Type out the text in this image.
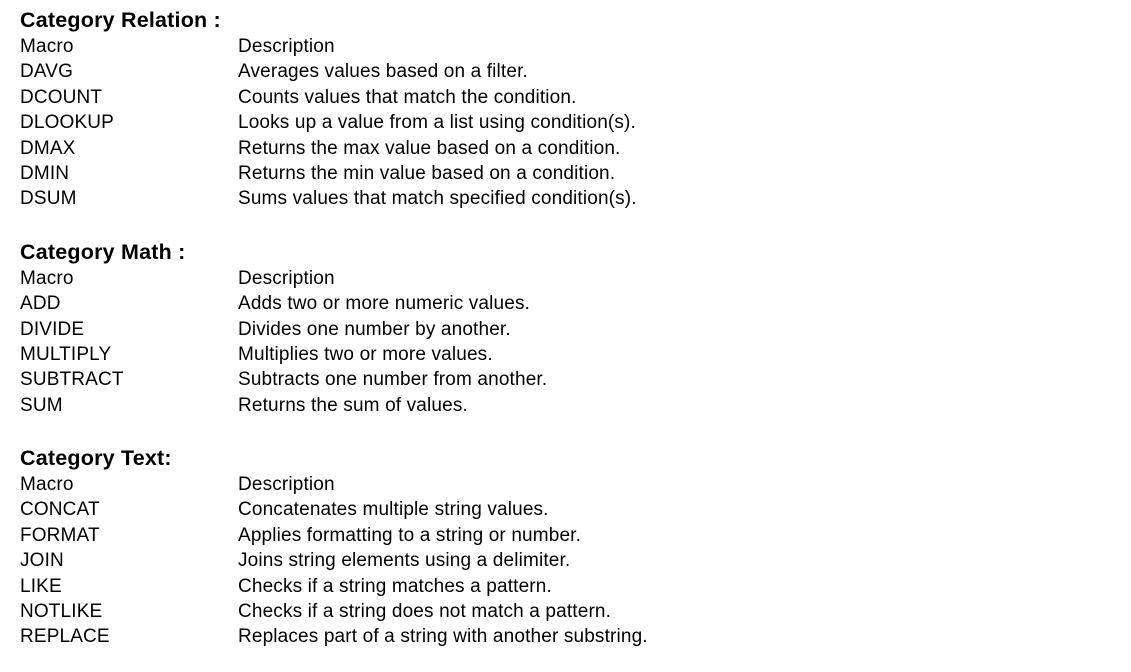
Category Relation :
Macro	Description
DAVG	Averages values based on a filter.
DCOUNT	Counts values that match the condition.
DLOOKUP	Looks up a value from a list using condition(s).
DMAX	Returns the max value based on a condition.
DMIN	Returns the min value based on a condition.
DSUM	Sums values that match specified condition(s).
Category Math :
Macro	Description
ADD	Adds two or more numeric values.
DIVIDE	Divides one number by another.
MULTIPLY	Multiplies two or more values.
SUBTRACT	Subtracts one number from another.
SUM	Returns the sum of values.
Category Text:
Macro	Description
CONCAT	Concatenates multiple string values.
FORMAT	Applies formatting to a string or number.
JOIN	Joins string elements using a delimiter.
LIKE	Checks if a string matches a pattern.
NOTLIKE	Checks if a string does not match a pattern.
REPLACE	Replaces part of a string with another substring.
